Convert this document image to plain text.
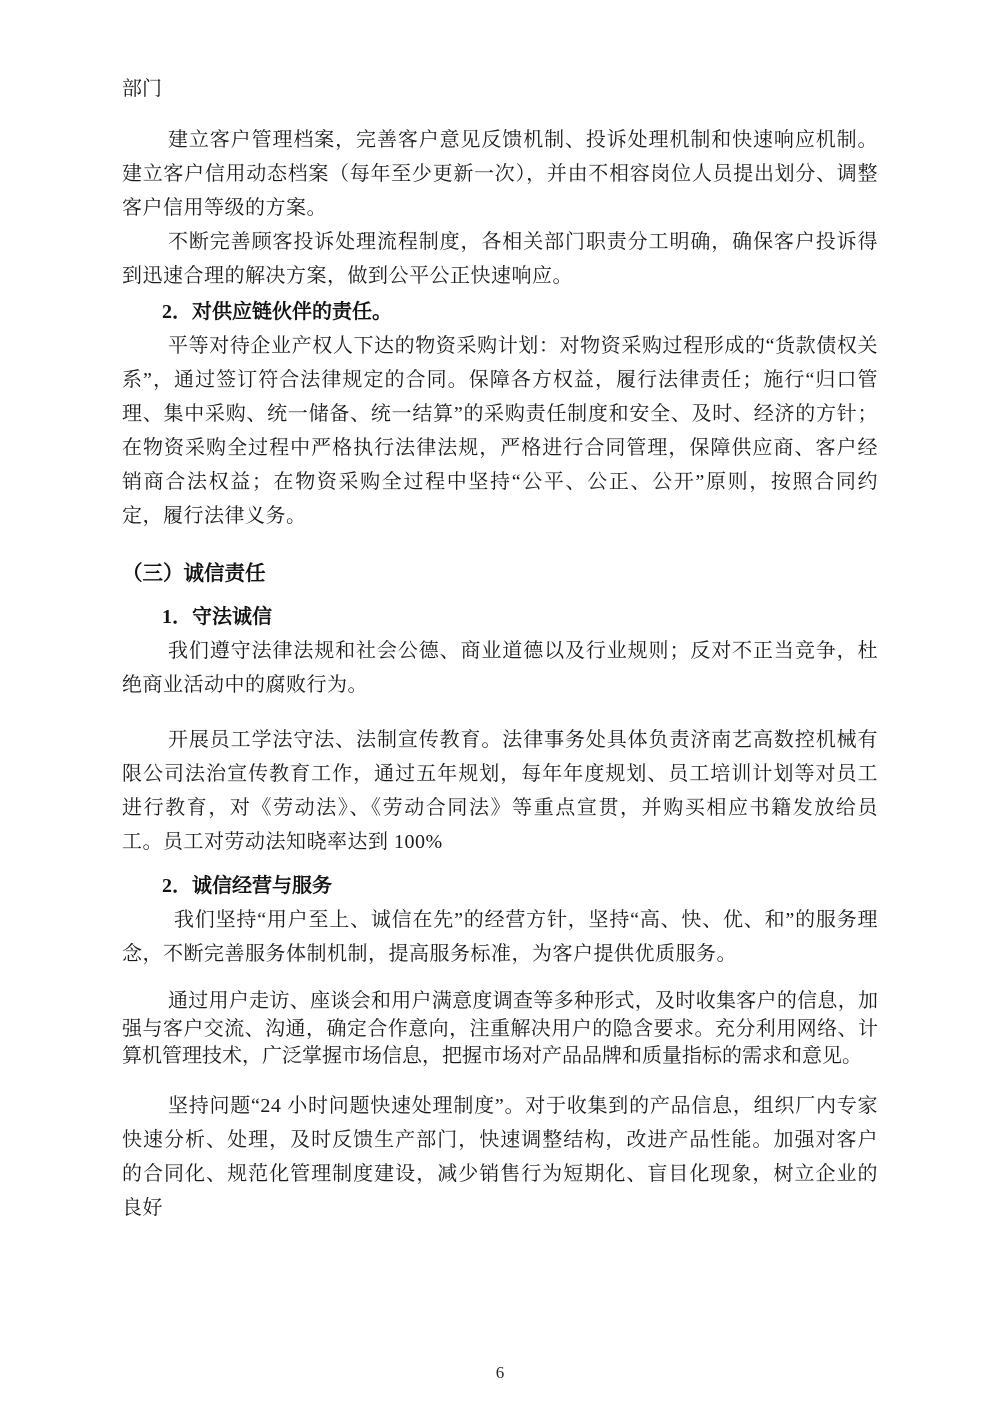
部门

建立客户管理档案，完善客户意见反馈机制、投诉处理机制和快速响应机制。建立客户信用动态档案（每年至少更新一次），并由不相容岗位人员提出划分、调整客户信用等级的方案。

不断完善顾客投诉处理流程制度，各相关部门职责分工明确，确保客户投诉得到迅速合理的解决方案，做到公平公正快速响应。

2．对供应链伙伴的责任。

平等对待企业产权人下达的物资采购计划：对物资采购过程形成的“货款债权关系”，通过签订符合法律规定的合同。保障各方权益，履行法律责任；施行“归口管理、集中采购、统一储备、统一结算”的采购责任制度和安全、及时、经济的方针；在物资采购全过程中严格执行法律法规，严格进行合同管理，保障供应商、客户经销商合法权益；在物资采购全过程中坚持“公平、公正、公开”原则，按照合同约定，履行法律义务。

（三）诚信责任
1．守法诚信

我们遵守法律法规和社会公德、商业道德以及行业规则；反对不正当竞争，杜绝商业活动中的腐败行为。

开展员工学法守法、法制宣传教育。法律事务处具体负责济南艺高数控机械有限公司法治宣传教育工作，通过五年规划，每年年度规划、员工培训计划等对员工进行教育，对《劳动法》、《劳动合同法》等重点宣贯，并购买相应书籍发放给员工。员工对劳动法知晓率达到 100%

2．诚信经营与服务

我们坚持“用户至上、诚信在先”的经营方针，坚持“高、快、优、和”的服务理念，不断完善服务体制机制，提高服务标准，为客户提供优质服务。

通过用户走访、座谈会和用户满意度调查等多种形式，及时收集客户的信息，加强与客户交流、沟通，确定合作意向，注重解决用户的隐含要求。充分利用网络、计算机管理技术，广泛掌握市场信息，把握市场对产品品牌和质量指标的需求和意见。

坚持问题“24 小时问题快速处理制度”。对于收集到的产品信息，组织厂内专家快速分析、处理，及时反馈生产部门，快速调整结构，改进产品性能。加强对客户的合同化、规范化管理制度建设，减少销售行为短期化、盲目化现象，树立企业的良好

6
